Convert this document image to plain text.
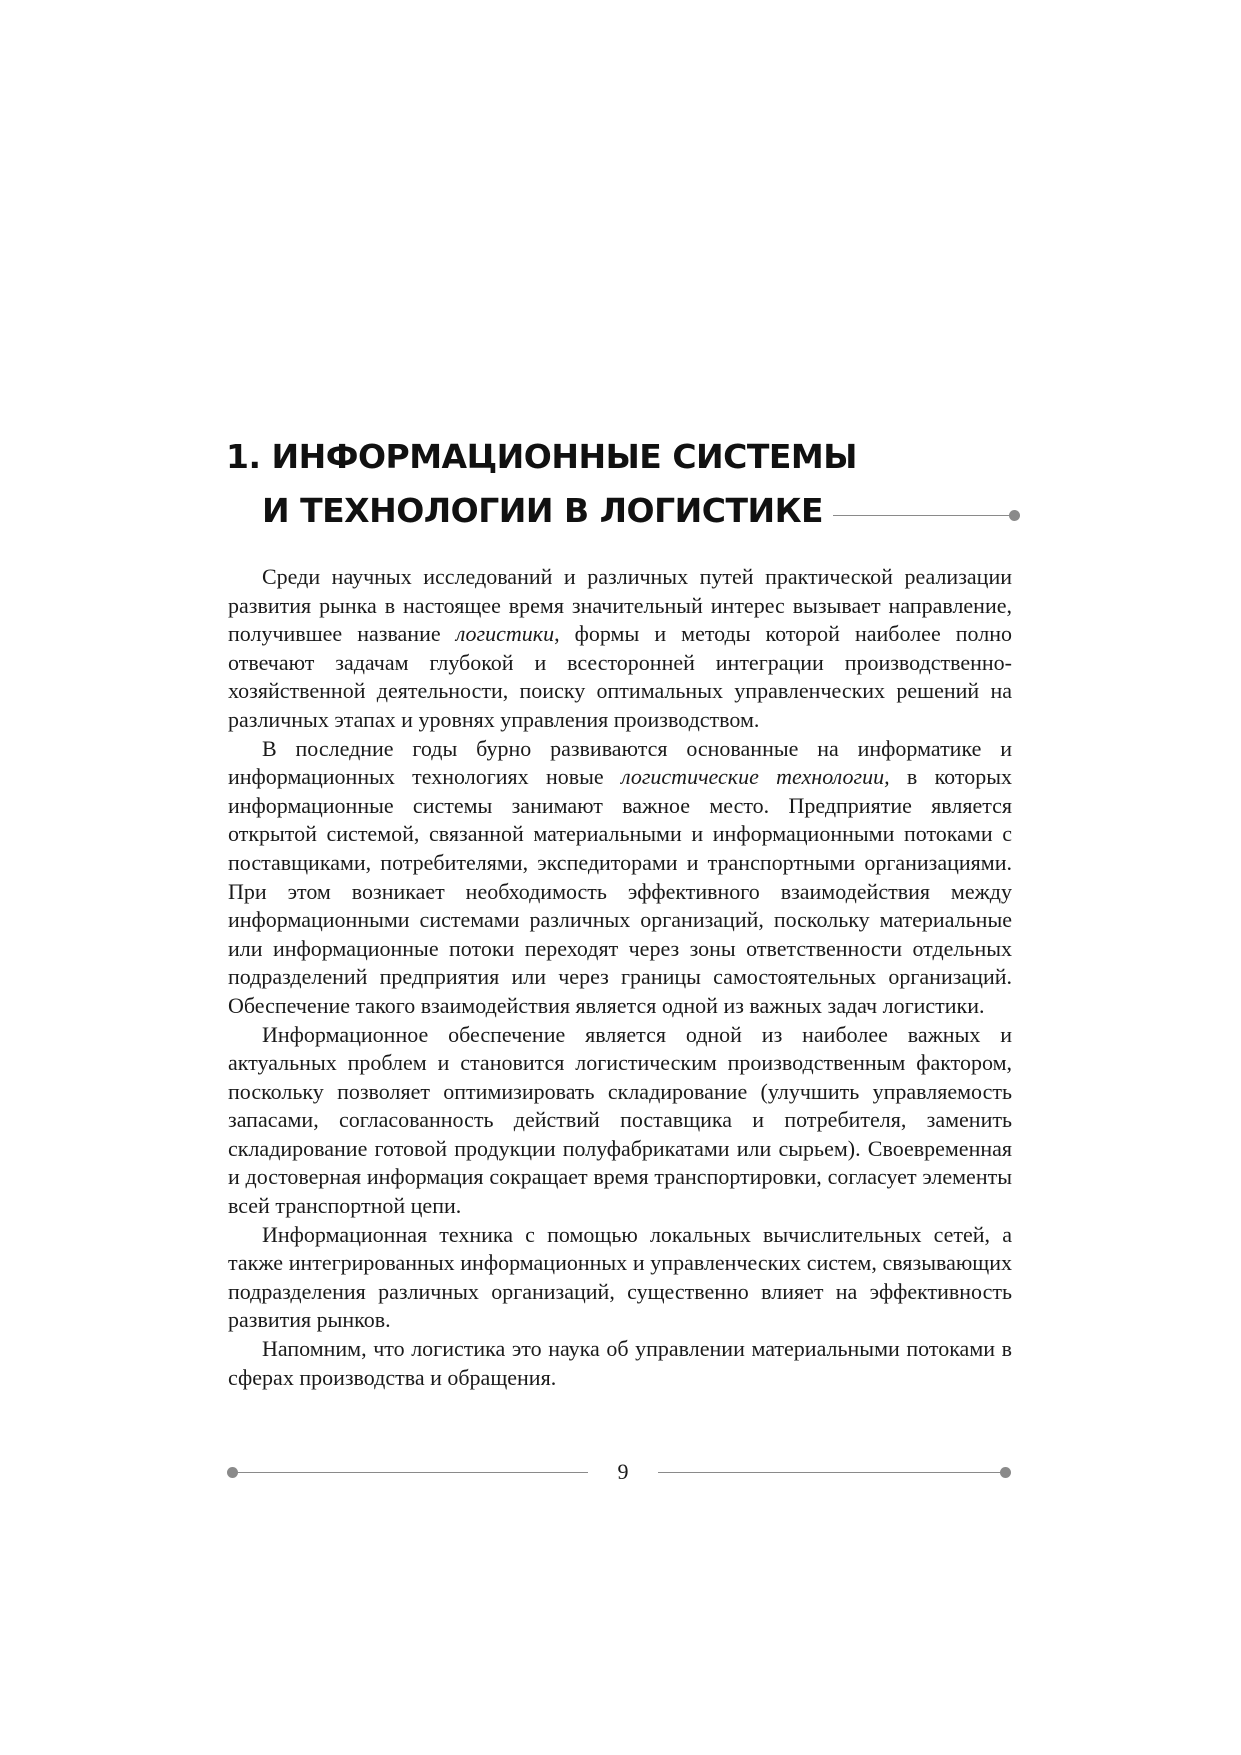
1. ИНФОРМАЦИОННЫЕ СИСТЕМЫ
И ТЕХНОЛОГИИ В ЛОГИСТИКЕ

Среди научных исследований и различных путей практической реализации развития рынка в настоящее время значительный интерес вызывает направление, получившее название логистики, формы и методы которой наиболее полно отвечают задачам глубокой и всесторонней интеграции производственно-хозяйственной деятельности, поиску оптимальных управленческих решений на различных этапах и уровнях управления производством.

В последние годы бурно развиваются основанные на информатике и информационных технологиях новые логистические технологии, в которых информационные системы занимают важное место. Предприятие является открытой системой, связанной материальными и информационными потоками с поставщиками, потребителями, экспедиторами и транспортными организациями. При этом возникает необходимость эффективного взаимодействия между информационными системами различных организаций, поскольку материальные или информационные потоки переходят через зоны ответственности отдельных подразделений предприятия или через границы самостоятельных организаций. Обеспечение такого взаимодействия является одной из важных задач логистики.

Информационное обеспечение является одной из наиболее важных и актуальных проблем и становится логистическим производственным фактором, поскольку позволяет оптимизировать складирование (улучшить управляемость запасами, согласованность действий поставщика и потребителя, заменить складирование готовой продукции полуфабрикатами или сырьем). Своевременная и достоверная информация сокращает время транспортировки, согласует элементы всей транспортной цепи.

Информационная техника с помощью локальных вычислительных сетей, а также интегрированных информационных и управленческих систем, связывающих подразделения различных организаций, существенно влияет на эффективность развития рынков.

Напомним, что логистика это наука об управлении материальными потоками в сферах производства и обращения.

9
